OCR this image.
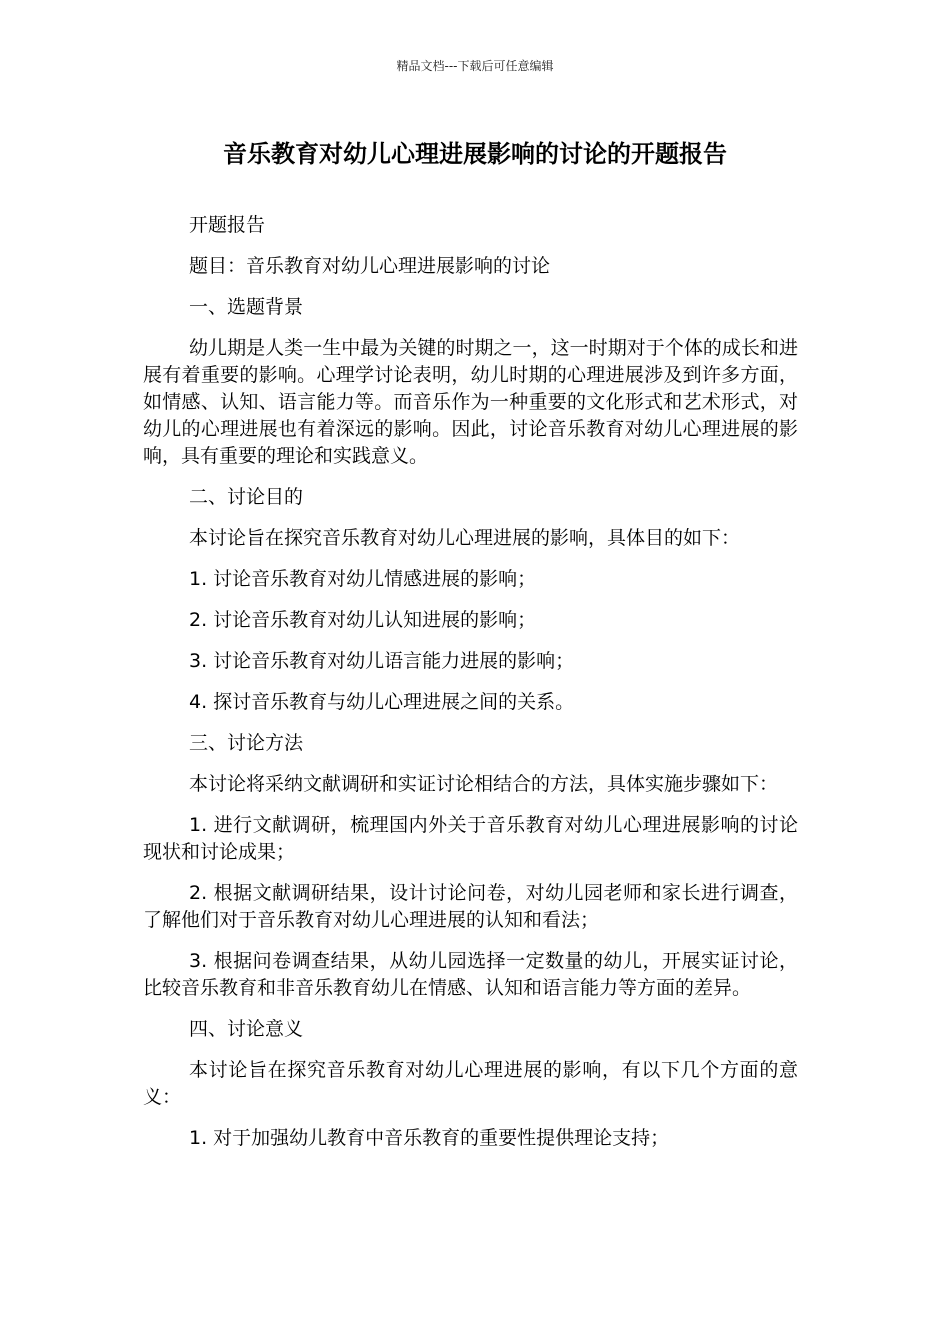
精品文档---下载后可任意编辑
音乐教育对幼儿心理进展影响的讨论的开题报告

开题报告

题目：音乐教育对幼儿心理进展影响的讨论

一、选题背景

幼儿期是人类一生中最为关键的时期之一，这一时期对于个体的成长和进展有着重要的影响。心理学讨论表明，幼儿时期的心理进展涉及到许多方面，如情感、认知、语言能力等。而音乐作为一种重要的文化形式和艺术形式，对幼儿的心理进展也有着深远的影响。因此，讨论音乐教育对幼儿心理进展的影响，具有重要的理论和实践意义。

二、讨论目的

本讨论旨在探究音乐教育对幼儿心理进展的影响，具体目的如下：

1. 讨论音乐教育对幼儿情感进展的影响；

2. 讨论音乐教育对幼儿认知进展的影响；

3. 讨论音乐教育对幼儿语言能力进展的影响；

4. 探讨音乐教育与幼儿心理进展之间的关系。

三、讨论方法

本讨论将采纳文献调研和实证讨论相结合的方法，具体实施步骤如下：

1. 进行文献调研，梳理国内外关于音乐教育对幼儿心理进展影响的讨论现状和讨论成果；

2. 根据文献调研结果，设计讨论问卷，对幼儿园老师和家长进行调查，了解他们对于音乐教育对幼儿心理进展的认知和看法；

3. 根据问卷调查结果，从幼儿园选择一定数量的幼儿，开展实证讨论，比较音乐教育和非音乐教育幼儿在情感、认知和语言能力等方面的差异。

四、讨论意义

本讨论旨在探究音乐教育对幼儿心理进展的影响，有以下几个方面的意义：

1. 对于加强幼儿教育中音乐教育的重要性提供理论支持；
